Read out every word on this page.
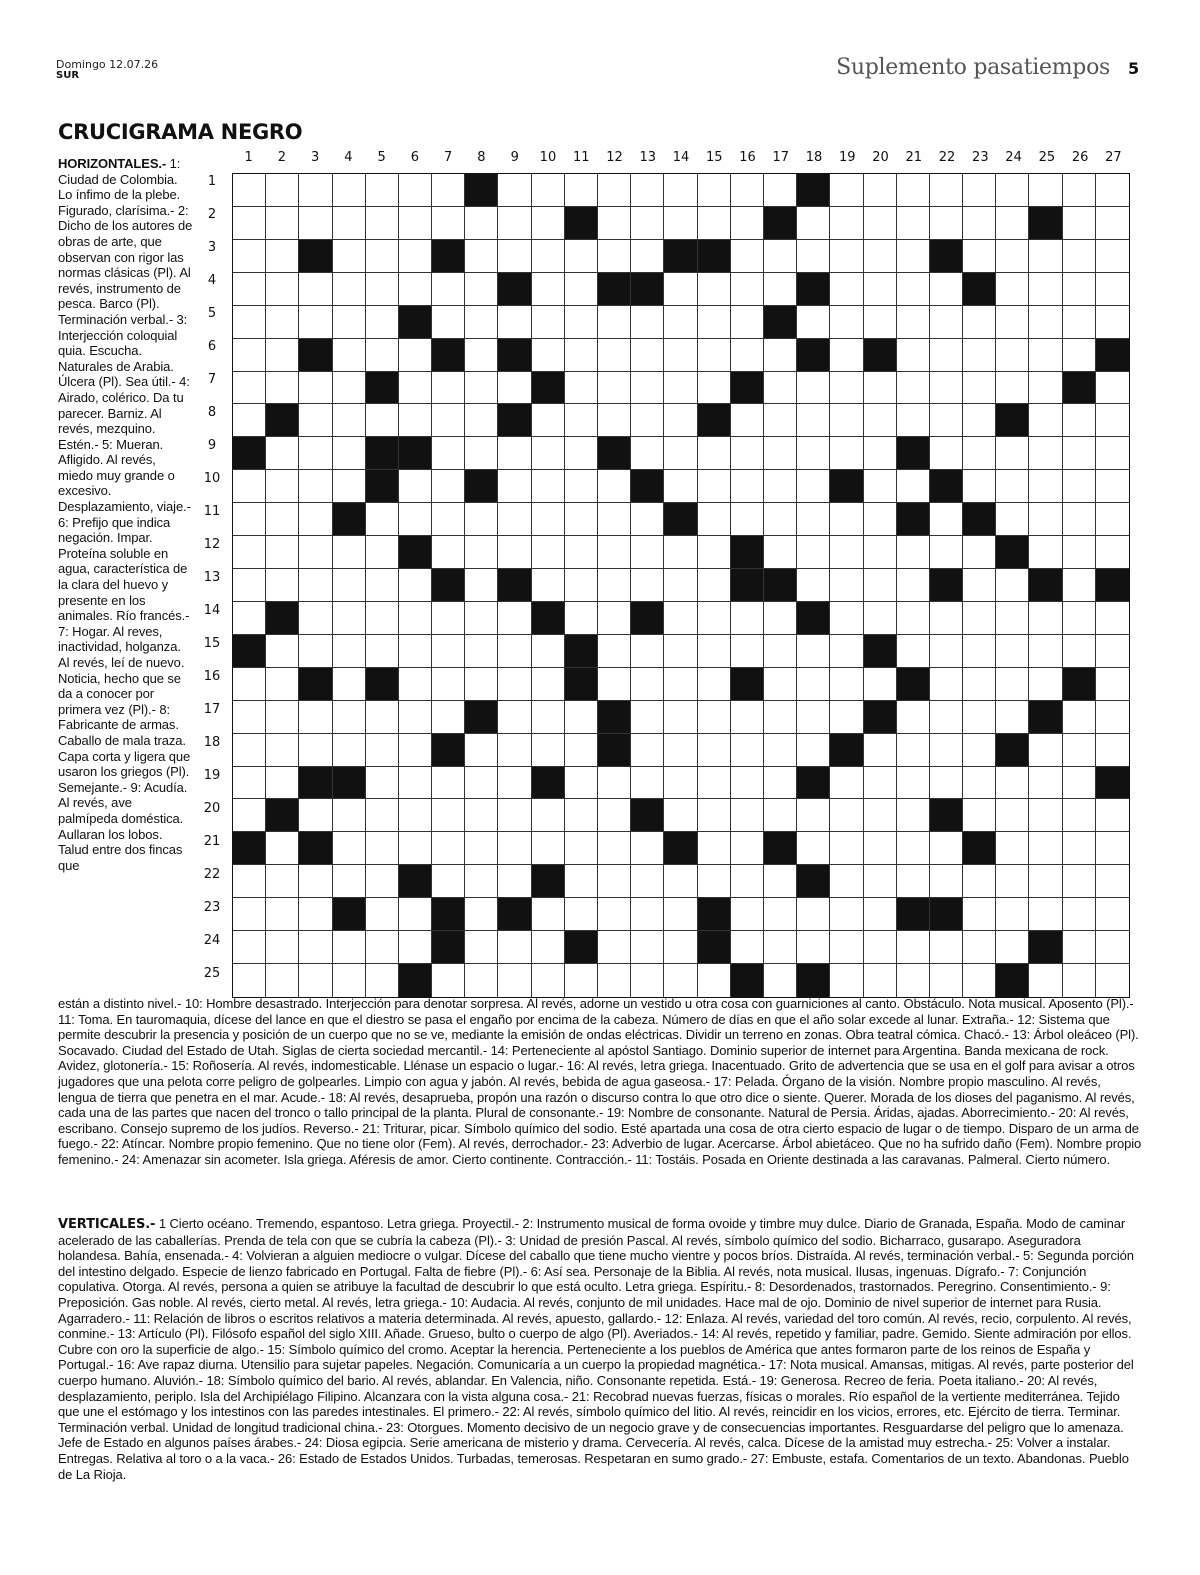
Domingo 12.07.26
SUR	Suplemento pasatiempos 5
CRUCIGRAMA NEGRO
HORIZONTALES.- 1: Ciudad de Colombia. Lo ínfimo de la plebe. Figurado, clarísima.- 2: Dicho de los autores de obras de arte, que observan con rigor las normas clásicas (Pl). Al revés, instrumento de pesca. Barco (Pl). Terminación verbal.- 3: Interjección coloquial quia. Escucha. Naturales de Arabia. Úlcera (Pl). Sea útil.- 4: Airado, colérico. Da tu parecer. Barniz. Al revés, mezquino. Estén.- 5: Mueran. Afligido. Al revés, miedo muy grande o excesivo. Desplazamiento, viaje.- 6: Prefijo que indica negación. Impar. Proteína soluble en agua, característica de la clara del huevo y presente en los animales. Río francés.- 7: Hogar. Al reves, inactividad, holganza. Al revés, leí de nuevo. Noticia, hecho que se da a conocer por primera vez (Pl).- 8: Fabricante de armas. Caballo de mala traza. Capa corta y ligera que usaron los griegos (Pl). Semejante.- 9: Acudía. Al revés, ave palmípeda doméstica. Aullaran los lobos. Talud entre dos fincas que
1	2	3	4	5	6	7	8	9	10	11	12	13	14	15	16	17	18	19	20	21	22	23	24	25	26	27
1
2
3
4
5
6
7
8
9
10
11
12
13
14
15
16
17
18
19
20
21
22
23
24
25
están a distinto nivel.- 10: Hombre desastrado. Interjección para denotar sorpresa. Al revés, adorne un vestido u otra cosa con guarniciones al canto. Obstáculo. Nota musical. Aposento (Pl).- 11: Toma. En tauromaquia, dícese del lance en que el diestro se pasa el engaño por encima de la cabeza. Número de días en que el año solar excede al lunar. Extraña.- 12: Sistema que permite descubrir la presencia y posición de un cuerpo que no se ve, mediante la emisión de ondas eléctricas. Dividir un terreno en zonas. Obra teatral cómica. Chacó.- 13: Árbol oleáceo (Pl). Socavado. Ciudad del Estado de Utah. Siglas de cierta sociedad mercantil.- 14: Perteneciente al apóstol Santiago. Dominio superior de internet para Argentina. Banda mexicana de rock. Avidez, glotonería.- 15: Roñosería. Al revés, indomesticable. Llénase un espacio o lugar.- 16: Al revés, letra griega. Inacentuado. Grito de advertencia que se usa en el golf para avisar a otros jugadores que una pelota corre peligro de golpearles. Limpio con agua y jabón. Al revés, bebida de agua gaseosa.- 17: Pelada. Órgano de la visión. Nombre propio masculino. Al revés, lengua de tierra que penetra en el mar. Acude.- 18: Al revés, desaprueba, propón una razón o discurso contra lo que otro dice o siente. Querer. Morada de los dioses del paganismo. Al revés, cada una de las partes que nacen del tronco o tallo principal de la planta. Plural de consonante.- 19: Nombre de consonante. Natural de Persia. Áridas, ajadas. Aborrecimiento.- 20: Al revés, escribano. Consejo supremo de los judíos. Reverso.- 21: Triturar, picar. Símbolo químico del sodio. Esté apartada una cosa de otra cierto espacio de lugar o de tiempo. Disparo de un arma de fuego.- 22: Atíncar. Nombre propio femenino. Que no tiene olor (Fem). Al revés, derrochador.- 23: Adverbio de lugar. Acercarse. Árbol abietáceo. Que no ha sufrido daño (Fem). Nombre propio femenino.- 24: Amenazar sin acometer. Isla griega. Aféresis de amor. Cierto continente. Contracción.- 11: Tostáis. Posada en Oriente destinada a las caravanas. Palmeral. Cierto número.
VERTICALES.- 1 Cierto océano. Tremendo, espantoso. Letra griega. Proyectil.- 2: Instrumento musical de forma ovoide y timbre muy dulce. Diario de Granada, España. Modo de caminar acelerado de las caballerías. Prenda de tela con que se cubría la cabeza (Pl).- 3: Unidad de presión Pascal. Al revés, símbolo químico del sodio. Bicharraco, gusarapo. Aseguradora holandesa. Bahía, ensenada.- 4: Volvieran a alguien mediocre o vulgar. Dícese del caballo que tiene mucho vientre y pocos bríos. Distraída. Al revés, terminación verbal.- 5: Segunda porción del intestino delgado. Especie de lienzo fabricado en Portugal. Falta de fiebre (Pl).- 6: Así sea. Personaje de la Biblia. Al revés, nota musical. Ilusas, ingenuas. Dígrafo.- 7: Conjunción copulativa. Otorga. Al revés, persona a quien se atribuye la facultad de descubrir lo que está oculto. Letra griega. Espíritu.- 8: Desordenados, trastornados. Peregrino. Consentimiento.- 9: Preposición. Gas noble. Al revés, cierto metal. Al revés, letra griega.- 10: Audacia. Al revés, conjunto de mil unidades. Hace mal de ojo. Dominio de nivel superior de internet para Rusia. Agarradero.- 11: Relación de libros o escritos relativos a materia determinada. Al revés, apuesto, gallardo.- 12: Enlaza. Al revés, variedad del toro común. Al revés, recio, corpulento. Al revés, conmine.- 13: Artículo (Pl). Filósofo español del siglo XIII. Añade. Grueso, bulto o cuerpo de algo (Pl). Averiados.- 14: Al revés, repetido y familiar, padre. Gemido. Siente admiración por ellos. Cubre con oro la superficie de algo.- 15: Símbolo químico del cromo. Aceptar la herencia. Perteneciente a los pueblos de América que antes formaron parte de los reinos de España y Portugal.- 16: Ave rapaz diurna. Utensilio para sujetar papeles. Negación. Comunicaría a un cuerpo la propiedad magnética.- 17: Nota musical. Amansas, mitigas. Al revés, parte posterior del cuerpo humano. Aluvión.- 18: Símbolo químico del bario. Al revés, ablandar. En Valencia, niño. Consonante repetida. Está.- 19: Generosa. Recreo de feria. Poeta italiano.- 20: Al revés, desplazamiento, periplo. Isla del Archipiélago Filipino. Alcanzara con la vista alguna cosa.- 21: Recobrad nuevas fuerzas, físicas o morales. Río español de la vertiente mediterránea. Tejido que une el estómago y los intestinos con las paredes intestinales. El primero.- 22: Al revés, símbolo químico del litio. Al revés, reincidir en los vicios, errores, etc. Ejército de tierra. Terminar. Terminación verbal. Unidad de longitud tradicional china.- 23: Otorgues. Momento decisivo de un negocio grave y de consecuencias importantes. Resguardarse del peligro que lo amenaza. Jefe de Estado en algunos países árabes.- 24: Diosa egipcia. Serie americana de misterio y drama. Cervecería. Al revés, calca. Dícese de la amistad muy estrecha.- 25: Volver a instalar. Entregas. Relativa al toro o a la vaca.- 26: Estado de Estados Unidos. Turbadas, temerosas. Respetaran en sumo grado.- 27: Embuste, estafa. Comentarios de un texto. Abandonas. Pueblo de La Rioja.
